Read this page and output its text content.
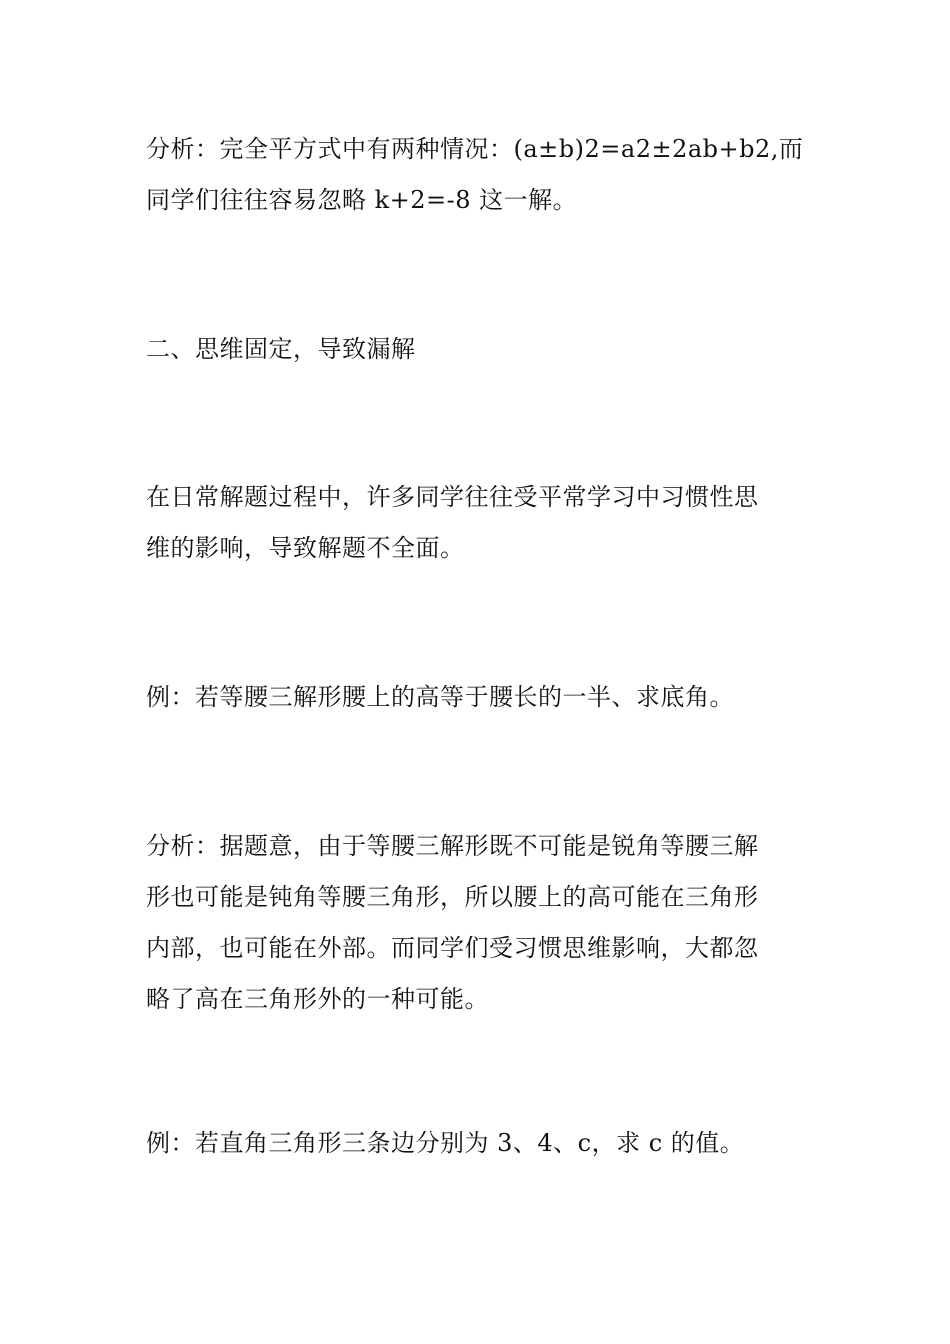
分析：完全平方式中有两种情况：(a±b)2=a2±2ab+b2,而
同学们往往容易忽略 k+2=-8 这一解。

二、思维固定，导致漏解

在日常解题过程中，许多同学往往受平常学习中习惯性思
维的影响，导致解题不全面。

例：若等腰三解形腰上的高等于腰长的一半、求底角。

分析：据题意，由于等腰三解形既不可能是锐角等腰三解
形也可能是钝角等腰三角形，所以腰上的高可能在三角形
内部，也可能在外部。而同学们受习惯思维影响，大都忽
略了高在三角形外的一种可能。

例：若直角三角形三条边分别为 3、4、c，求 c 的值。
